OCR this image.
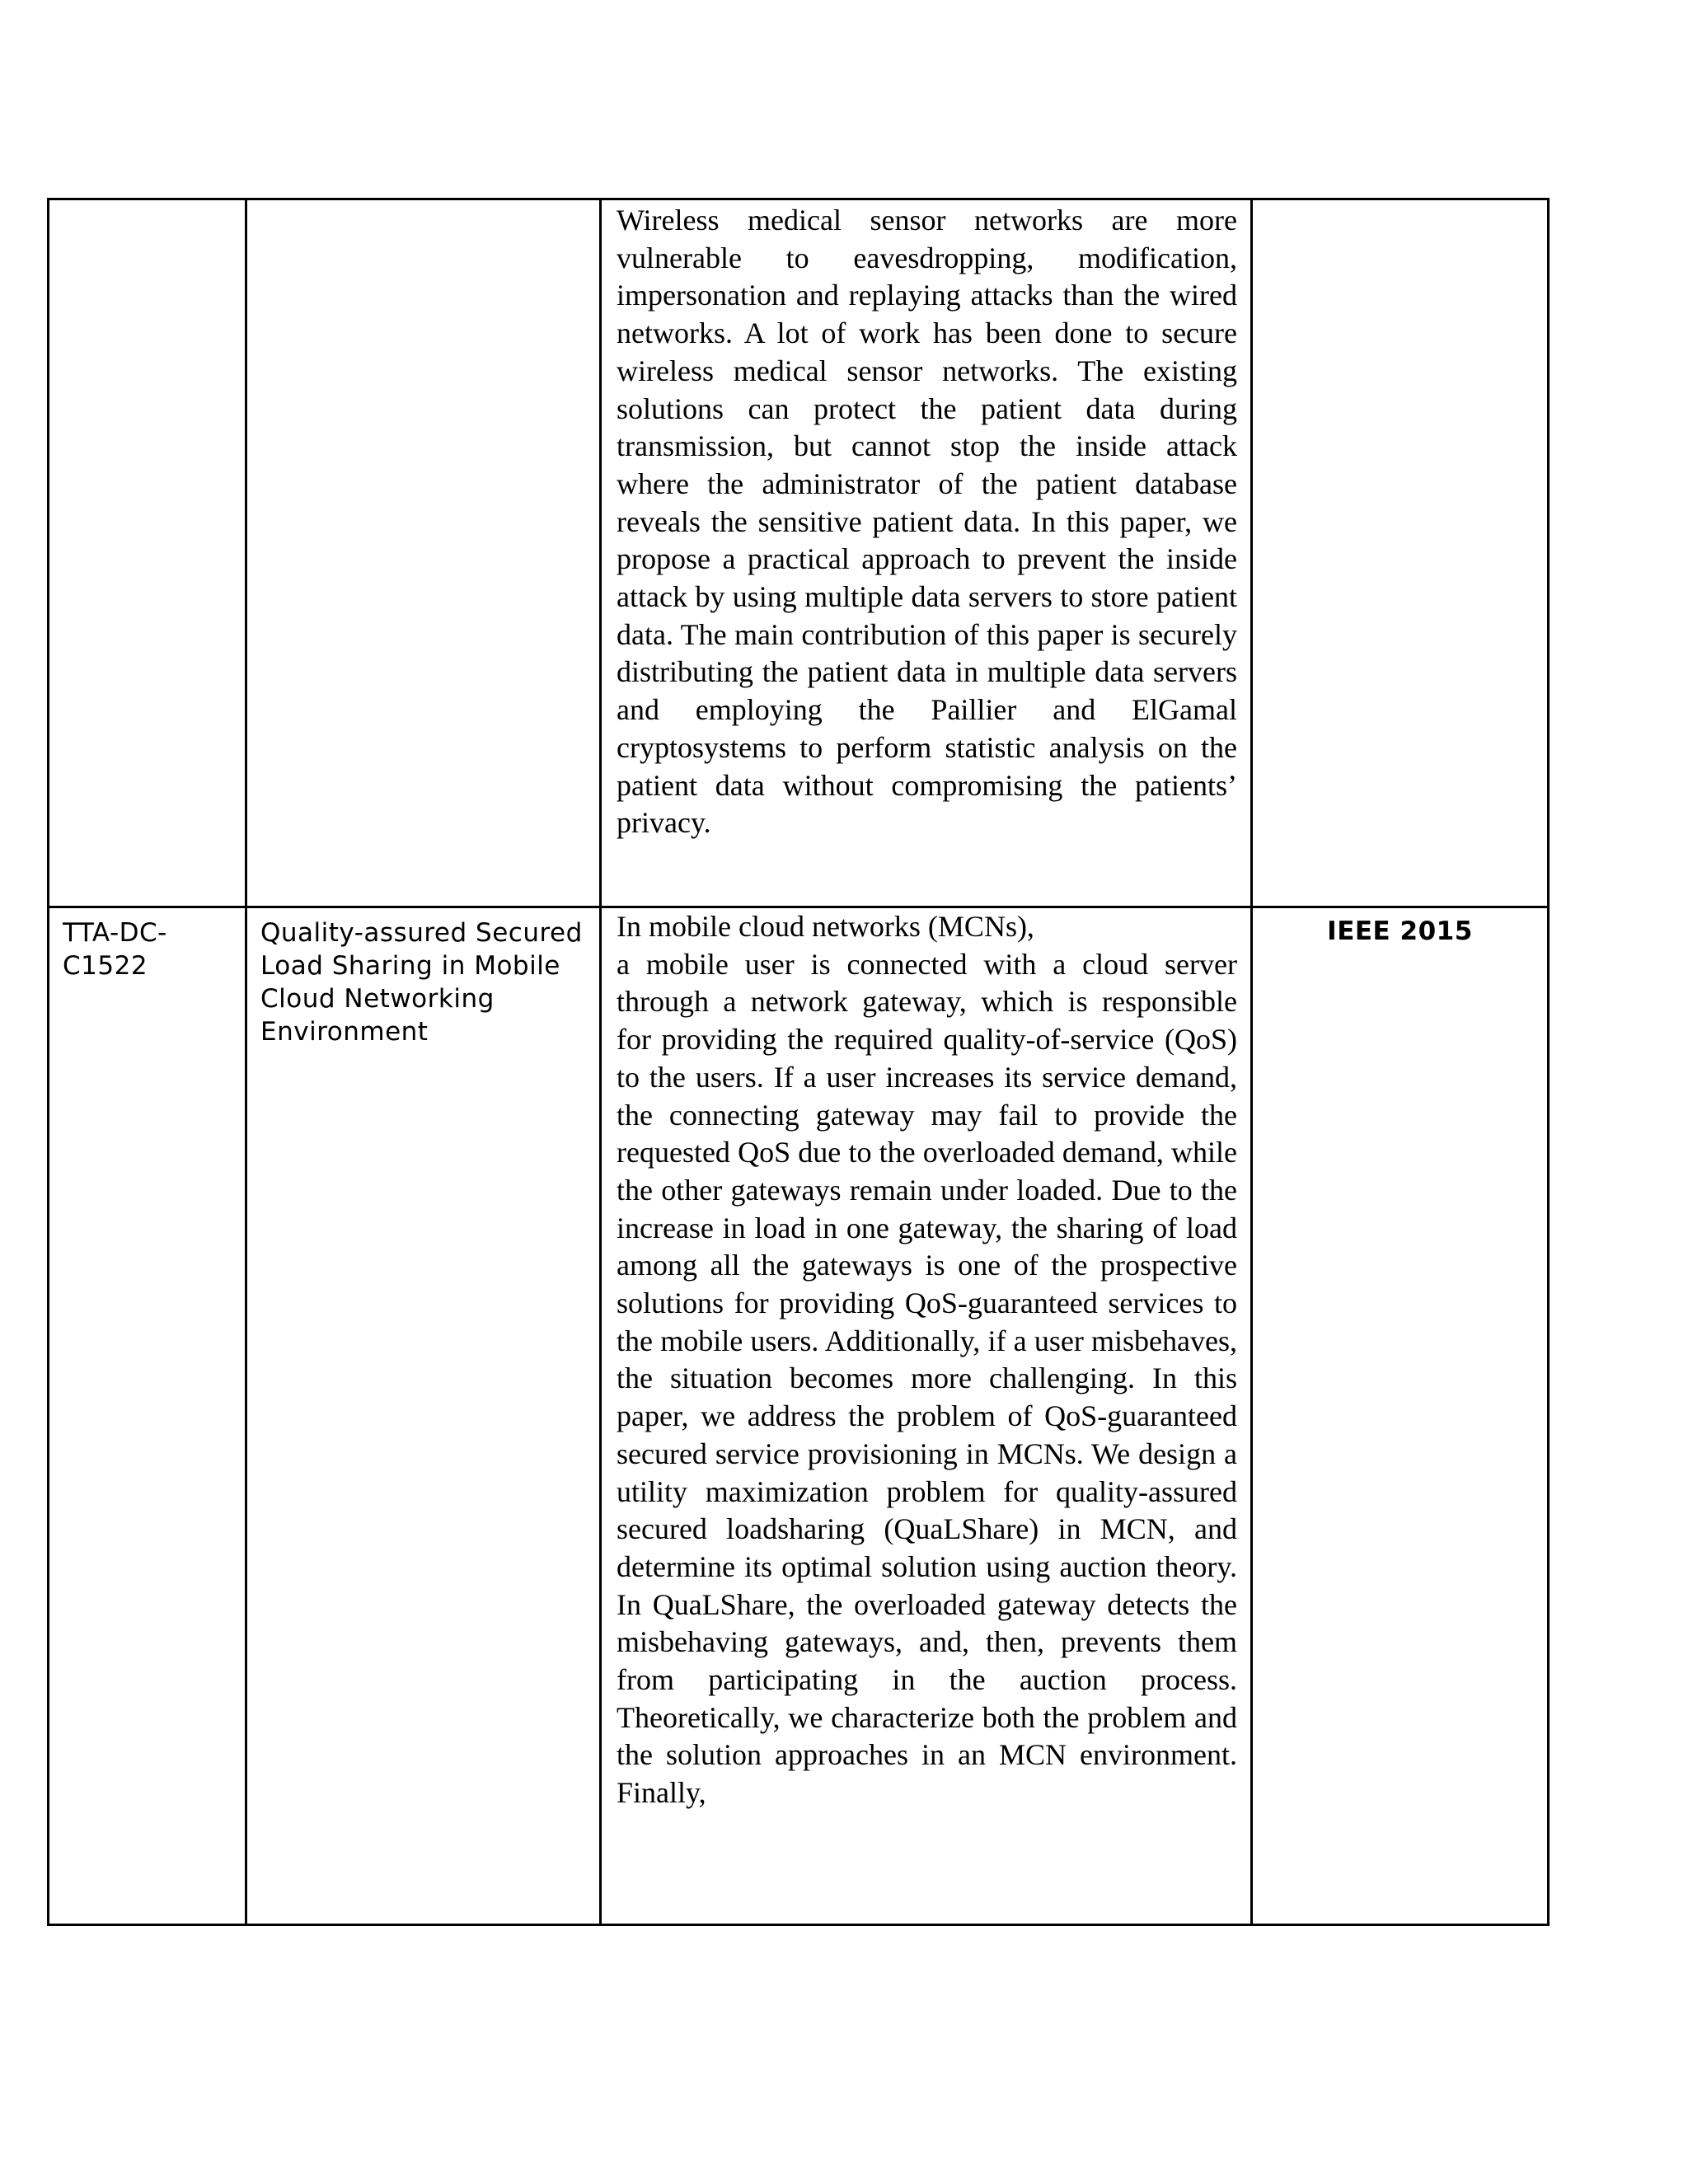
		Wireless medical sensor networks are more vulnerable to eavesdropping, modification, impersonation and replaying attacks than the wired networks. A lot of work has been done to secure wireless medical sensor networks. The existing solutions can protect the patient data during transmission, but cannot stop the inside attack where the administrator of the patient database reveals the sensitive patient data. In this paper, we propose a practical approach to prevent the inside attack by using multiple data servers to store patient data. The main contribution of this paper is securely distributing the patient data in multiple data servers and employing the Paillier and ElGamal cryptosystems to perform statistic analysis on the patient data without compromising the patients’ privacy.	

TTA-DC-C1522	Quality-assured Secured Load Sharing in Mobile Cloud Networking Environment	In mobile cloud networks (MCNs),
a mobile user is connected with a cloud server through a network gateway, which is responsible for providing the required quality-of-service (QoS) to the users. If a user increases its service demand, the connecting gateway may fail to provide the requested QoS due to the overloaded demand, while the other gateways remain under loaded. Due to the increase in load in one gateway, the sharing of load among all the gateways is one of the prospective solutions for providing QoS-guaranteed services to the mobile users. Additionally, if a user misbehaves, the situation becomes more challenging. In this paper, we address the problem of QoS-guaranteed secured service provisioning in MCNs. We design a utility maximization problem for quality-assured secured loadsharing (QuaLShare) in MCN, and determine its optimal solution using auction theory. In QuaLShare, the overloaded gateway detects the misbehaving gateways, and, then, prevents them from participating in the auction process. Theoretically, we characterize both the problem and the solution approaches in an MCN environment. Finally,	IEEE 2015
